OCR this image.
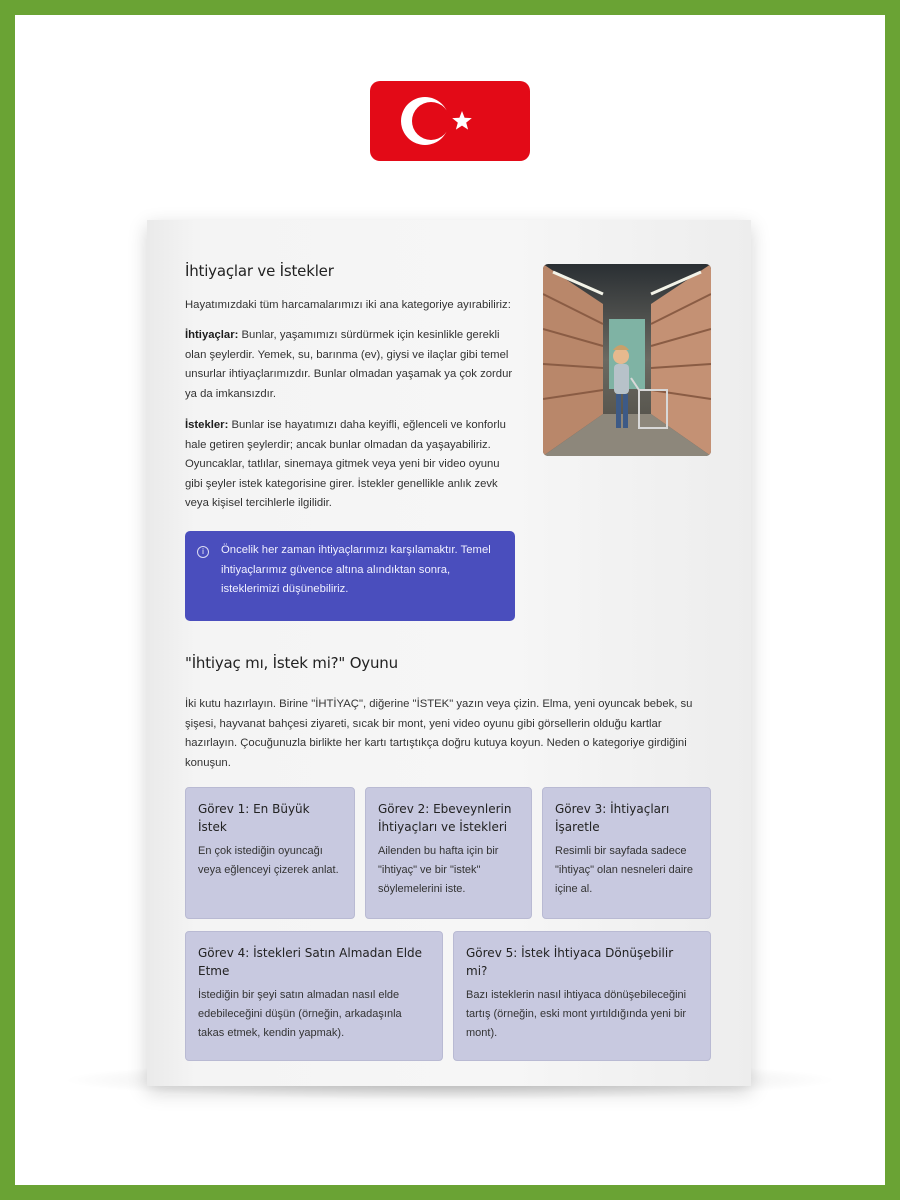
İhtiyaçlar ve İstekler
Hayatımızdaki tüm harcamalarımızı iki ana kategoriye ayırabiliriz:
İhtiyaçlar: Bunlar, yaşamımızı sürdürmek için kesinlikle gerekli olan şeylerdir. Yemek, su, barınma (ev), giysi ve ilaçlar gibi temel unsurlar ihtiyaçlarımızdır. Bunlar olmadan yaşamak ya çok zordur ya da imkansızdır.
İstekler: Bunlar ise hayatımızı daha keyifli, eğlenceli ve konforlu hale getiren şeylerdir; ancak bunlar olmadan da yaşayabiliriz. Oyuncaklar, tatlılar, sinemaya gitmek veya yeni bir video oyunu gibi şeyler istek kategorisine girer. İstekler genellikle anlık zevk veya kişisel tercihlerle ilgilidir.
i	Öncelik her zaman ihtiyaçlarımızı karşılamaktır. Temel ihtiyaçlarımız güvence altına alındıktan sonra, isteklerimizi düşünebiliriz.
"İhtiyaç mı, İstek mi?" Oyunu
İki kutu hazırlayın. Birine "İHTİYAÇ", diğerine "İSTEK" yazın veya çizin. Elma, yeni oyuncak bebek, su şişesi, hayvanat bahçesi ziyareti, sıcak bir mont, yeni video oyunu gibi görsellerin olduğu kartlar hazırlayın. Çocuğunuzla birlikte her kartı tartıştıkça doğru kutuya koyun. Neden o kategoriye girdiğini konuşun.
Görev 1: En Büyük İstek
En çok istediğin oyuncağı veya eğlenceyi çizerek anlat.
Görev 2: Ebeveynlerin İhtiyaçları ve İstekleri
Ailenden bu hafta için bir "ihtiyaç" ve bir "istek" söylemelerini iste.
Görev 3: İhtiyaçları İşaretle
Resimli bir sayfada sadece "ihtiyaç" olan nesneleri daire içine al.
Görev 4: İstekleri Satın Almadan Elde Etme
İstediğin bir şeyi satın almadan nasıl elde edebileceğini düşün (örneğin, arkadaşınla takas etmek, kendin yapmak).
Görev 5: İstek İhtiyaca Dönüşebilir mi?
Bazı isteklerin nasıl ihtiyaca dönüşebileceğini tartış (örneğin, eski mont yırtıldığında yeni bir mont).
